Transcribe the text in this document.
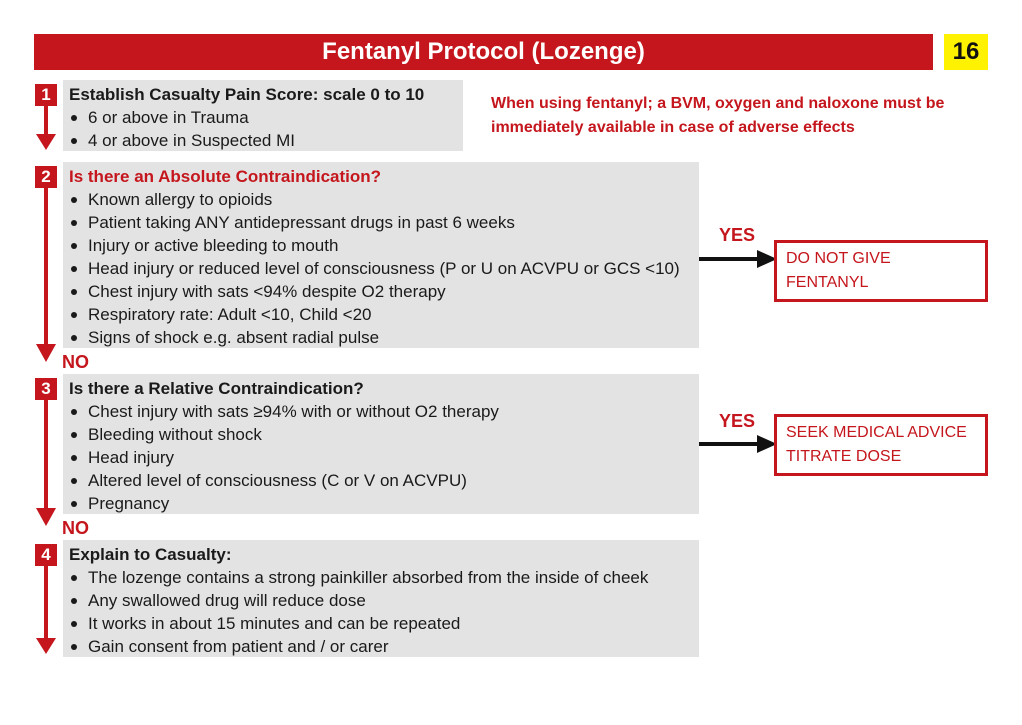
Fentanyl Protocol (Lozenge)	16
When using fentanyl; a BVM, oxygen and naloxone must be immediately available in case of adverse effects
1	Establish Casualty Pain Score: scale 0 to 10
6 or above in Trauma
4 or above in Suspected MI
2	Is there an Absolute Contraindication?
Known allergy to opioids
Patient taking ANY antidepressant drugs in past 6 weeks
Injury or active bleeding to mouth
Head injury or reduced level of consciousness (P or U on ACVPU or GCS <10)
Chest injury with sats <94% despite O2 therapy
Respiratory rate: Adult <10, Child <20
Signs of shock e.g. absent radial pulse
YES
DO NOT GIVE FENTANYL
NO
3	Is there a Relative Contraindication?
Chest injury with sats ≥94% with or without O2 therapy
Bleeding without shock
Head injury
Altered level of consciousness (C or V on ACVPU)
Pregnancy
YES
SEEK MEDICAL ADVICE
TITRATE DOSE
NO
4	Explain to Casualty:
The lozenge contains a strong painkiller absorbed from the inside of cheek
Any swallowed drug will reduce dose
It works in about 15 minutes and can be repeated
Gain consent from patient and / or carer
